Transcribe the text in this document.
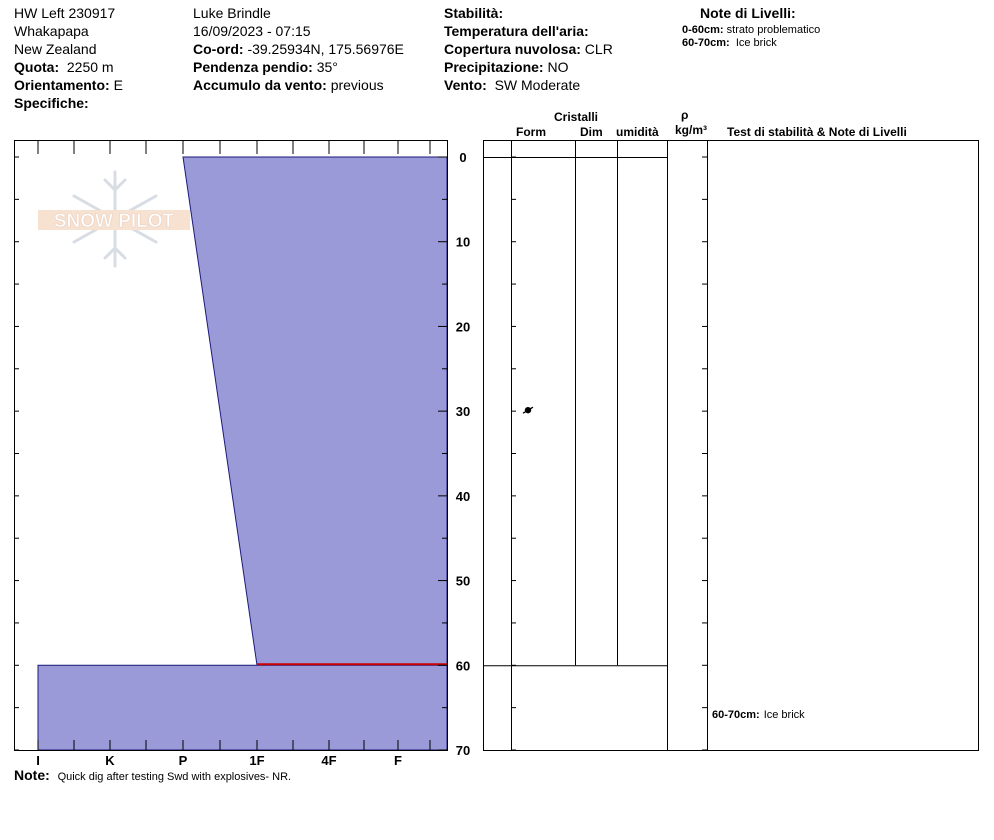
HW Left 230917
Whakapapa
New Zealand
Quota: 2250 m
Orientamento: E
Specifiche:
Luke Brindle
16/09/2023 - 07:15
Co-ord: -39.25934N, 175.56976E
Pendenza pendio: 35°
Accumulo da vento: previous
Stabilità:
Temperatura dell'aria:
Copertura nuvolosa: CLR
Precipitazione: NO
Vento: SW Moderate
Note di Livelli:
0-60cm: strato problematico
60-70cm: Ice brick
Cristalli
Form	Dim umidità
ρ
kg/m³ Test di stabilità & Note di Livelli
SNOW PILOT
I	K	P	1F	4F	F
0
10
20
30
40
50
60
70
60-70cm: Ice brick
Note: Quick dig after testing Swd with explosives- NR.
